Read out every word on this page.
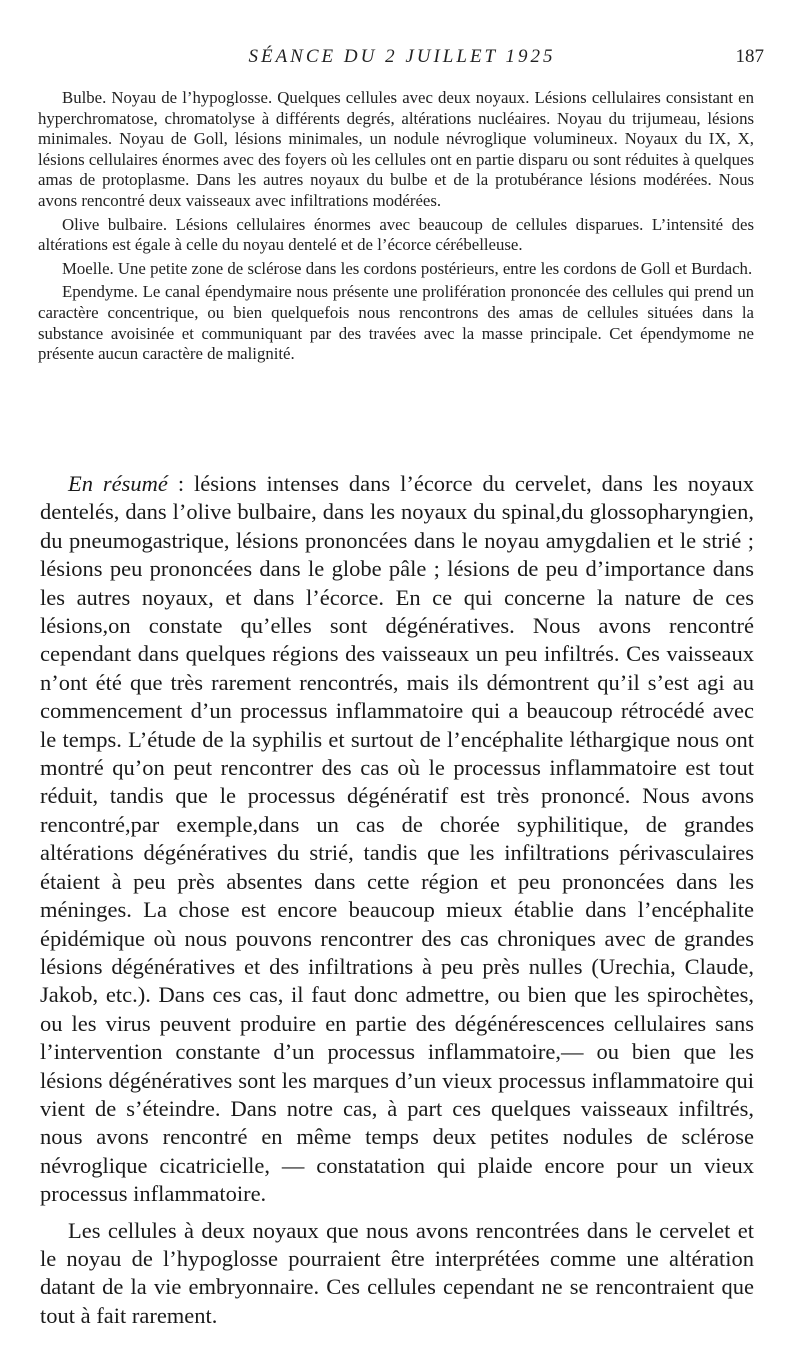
SÉANCE DU 2 JUILLET 1925	187

Bulbe. Noyau de l’hypoglosse. Quelques cellules avec deux noyaux. Lésions cellulaires consistant en hyperchromatose, chromatolyse à différents degrés, altérations nucléaires. Noyau du trijumeau, lésions minimales. Noyau de Goll, lésions minimales, un nodule névroglique volumineux. Noyaux du IX, X, lésions cellulaires énormes avec des foyers où les cellules ont en partie disparu ou sont réduites à quelques amas de protoplasme. Dans les autres noyaux du bulbe et de la protubérance lésions modérées. Nous avons rencontré deux vaisseaux avec infiltrations modérées.

Olive bulbaire. Lésions cellulaires énormes avec beaucoup de cellules disparues. L’intensité des altérations est égale à celle du noyau dentelé et de l’écorce cérébelleuse.

Moelle. Une petite zone de sclérose dans les cordons postérieurs, entre les cordons de Goll et Burdach.

Ependyme. Le canal épendymaire nous présente une prolifération prononcée des cellules qui prend un caractère concentrique, ou bien quelquefois nous rencontrons des amas de cellules situées dans la substance avoisinée et communiquant par des travées avec la masse principale. Cet épendymome ne présente aucun caractère de malignité.

En résumé : lésions intenses dans l’écorce du cervelet, dans les noyaux dentelés, dans l’olive bulbaire, dans les noyaux du spinal,du glossopharyngien, du pneumogastrique, lésions prononcées dans le noyau amygdalien et le strié ; lésions peu prononcées dans le globe pâle ; lésions de peu d’importance dans les autres noyaux, et dans l’écorce. En ce qui concerne la nature de ces lésions,on constate qu’elles sont dégénératives. Nous avons rencontré cependant dans quelques régions des vaisseaux un peu infiltrés. Ces vaisseaux n’ont été que très rarement rencontrés, mais ils démontrent qu’il s’est agi au commencement d’un processus inflammatoire qui a beaucoup rétrocédé avec le temps. L’étude de la syphilis et surtout de l’encéphalite léthargique nous ont montré qu’on peut rencontrer des cas où le processus inflammatoire est tout réduit, tandis que le processus dégénératif est très prononcé. Nous avons rencontré,par exemple,dans un cas de chorée syphilitique, de grandes altérations dégénératives du strié, tandis que les infiltrations périvasculaires étaient à peu près absentes dans cette région et peu prononcées dans les méninges. La chose est encore beaucoup mieux établie dans l’encéphalite épidémique où nous pouvons rencontrer des cas chroniques avec de grandes lésions dégénératives et des infiltrations à peu près nulles (Urechia, Claude, Jakob, etc.). Dans ces cas, il faut donc admettre, ou bien que les spirochètes, ou les virus peuvent produire en partie des dégénérescences cellulaires sans l’intervention constante d’un processus inflammatoire,— ou bien que les lésions dégénératives sont les marques d’un vieux processus inflammatoire qui vient de s’éteindre. Dans notre cas, à part ces quelques vaisseaux infiltrés, nous avons rencontré en même temps deux petites nodules de sclérose névroglique cicatricielle, — constatation qui plaide encore pour un vieux processus inflammatoire.

Les cellules à deux noyaux que nous avons rencontrées dans le cervelet et le noyau de l’hypoglosse pourraient être interprétées comme une altération datant de la vie embryonnaire. Ces cellules cependant ne se rencontraient que tout à fait rarement.
